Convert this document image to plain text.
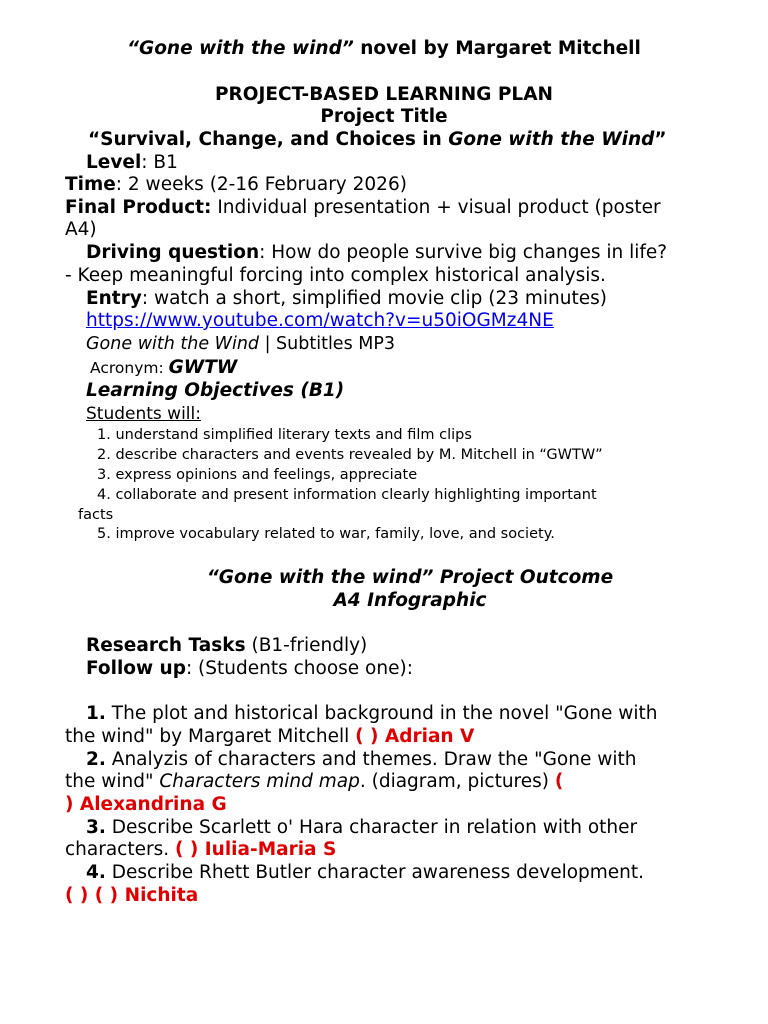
“Gone with the wind” novel by Margaret Mitchell
PROJECT-BASED LEARNING PLAN
Project Title
“Survival, Change, and Choices in Gone with the Wind”
Level: B1
Time: 2 weeks (2-16 February 2026)
Final Product: Individual presentation + visual product (poster
A4)
Driving question: How do people survive big changes in life?
- Keep meaningful forcing into complex historical analysis.
Entry: watch a short, simplified movie clip (23 minutes)
https://www.youtube.com/watch?v=u50iOGMz4NE
Gone with the Wind | Subtitles MP3
Acronym: GWTW
Learning Objectives (B1)
Students will:
1. understand simplified literary texts and film clips
2. describe characters and events revealed by M. Mitchell in “GWTW”
3. express opinions and feelings, appreciate
4. collaborate and present information clearly highlighting important
facts
5. improve vocabulary related to war, family, love, and society.
“Gone with the wind” Project Outcome
A4 Infographic
Research Tasks (B1-friendly)
Follow up: (Students choose one):
1. The plot and historical background in the novel "Gone with
the wind" by Margaret Mitchell ( ) Adrian V
2. Analyzis of characters and themes. Draw the "Gone with
the wind" Characters mind map. (diagram, pictures) (
) Alexandrina G
3. Describe Scarlett o' Hara character in relation with other
characters. ( ) Iulia-Maria S
4. Describe Rhett Butler character awareness development.
( ) ( ) Nichita
